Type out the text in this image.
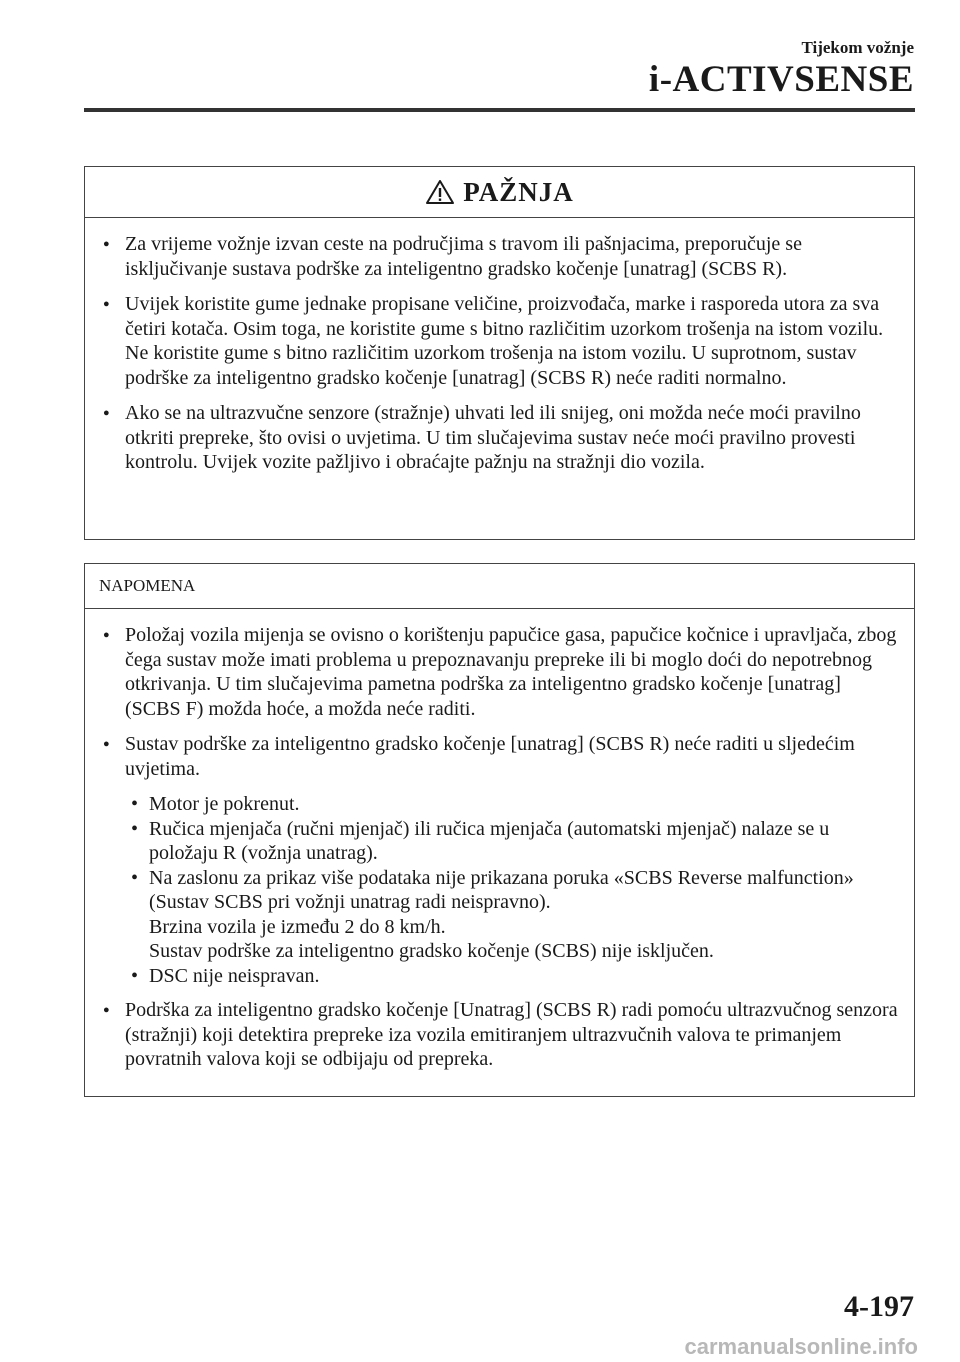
Tijekom vožnje
i-ACTIVSENSE
PAŽNJA
● Za vrijeme vožnje izvan ceste na područjima s travom ili pašnjacima, preporučuje se isključivanje sustava podrške za inteligentno gradsko kočenje [unatrag] (SCBS R).
● Uvijek koristite gume jednake propisane veličine, proizvođača, marke i rasporeda utora za sva četiri kotača. Osim toga, ne koristite gume s bitno različitim uzorkom trošenja na istom vozilu. Ne koristite gume s bitno različitim uzorkom trošenja na istom vozilu. U suprotnom, sustav podrške za inteligentno gradsko kočenje [unatrag] (SCBS R) neće raditi normalno.
● Ako se na ultrazvučne senzore (stražnje) uhvati led ili snijeg, oni možda neće moći pravilno otkriti prepreke, što ovisi o uvjetima. U tim slučajevima sustav neće moći pravilno provesti kontrolu. Uvijek vozite pažljivo i obraćajte pažnju na stražnji dio vozila.
NAPOMENA
● Položaj vozila mijenja se ovisno o korištenju papučice gasa, papučice kočnice i upravljača, zbog čega sustav može imati problema u prepoznavanju prepreke ili bi moglo doći do nepotrebnog otkrivanja. U tim slučajevima pametna podrška za inteligentno gradsko kočenje [unatrag] (SCBS F) možda hoće, a možda neće raditi.
● Sustav podrške za inteligentno gradsko kočenje [unatrag] (SCBS R) neće raditi u sljedećim uvjetima.
• Motor je pokrenut.
• Ručica mjenjača (ručni mjenjač) ili ručica mjenjača (automatski mjenjač) nalaze se u položaju R (vožnja unatrag).
• Na zaslonu za prikaz više podataka nije prikazana poruka «SCBS Reverse malfunction» (Sustav SCBS pri vožnji unatrag radi neispravno).
Brzina vozila je između 2 do 8 km/h.
Sustav podrške za inteligentno gradsko kočenje (SCBS) nije isključen.
• DSC nije neispravan.
● Podrška za inteligentno gradsko kočenje [Unatrag] (SCBS R) radi pomoću ultrazvučnog senzora (stražnji) koji detektira prepreke iza vozila emitiranjem ultrazvučnih valova te primanjem povratnih valova koji se odbijaju od prepreka.
4-197
carmanualsonline.info
